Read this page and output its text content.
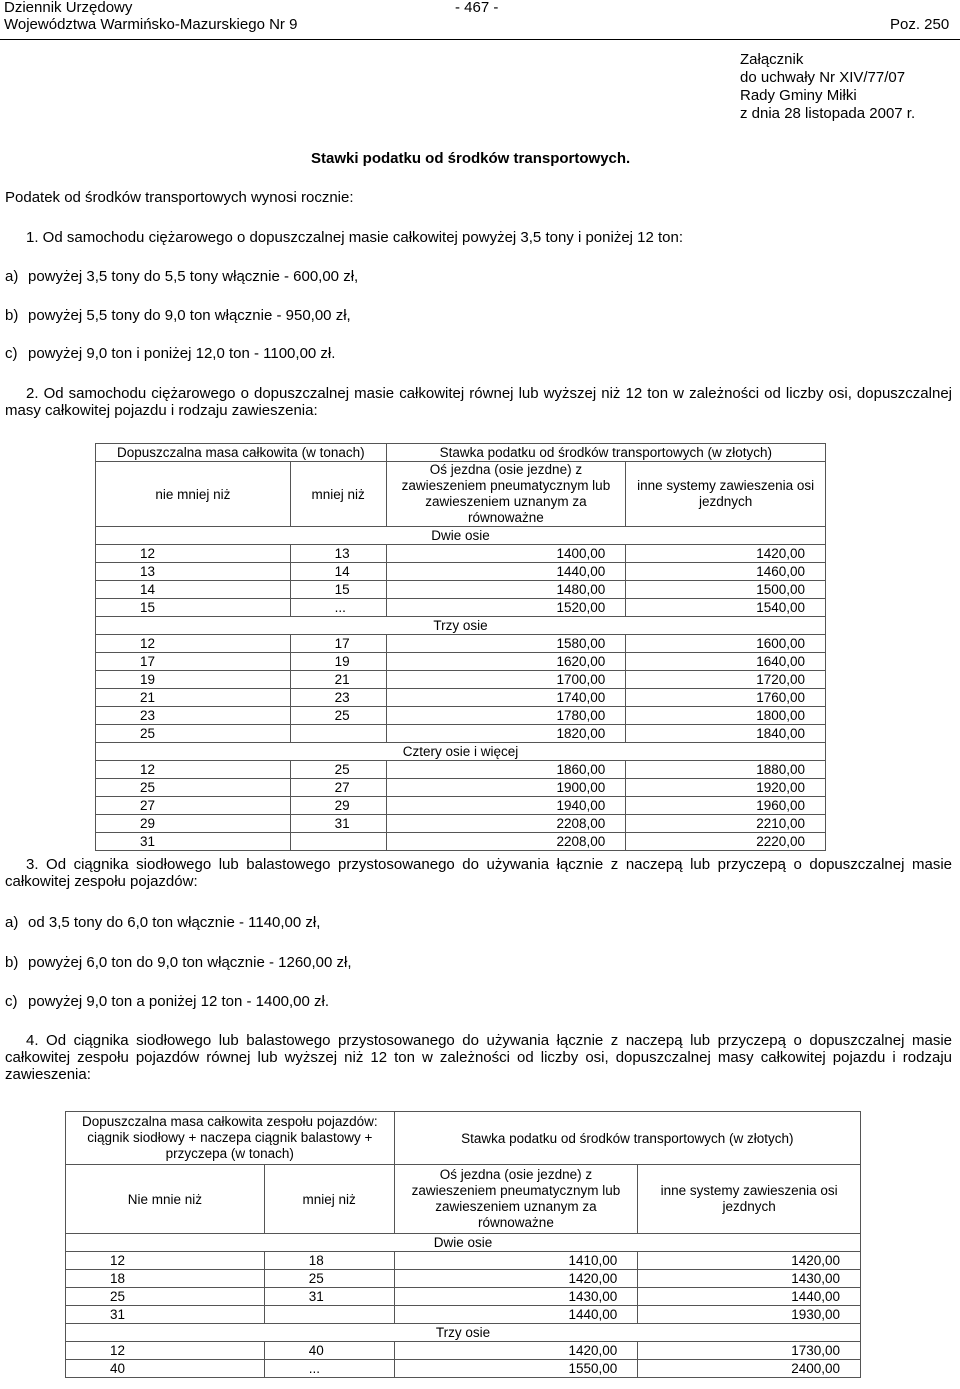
Dziennik Urzędowy
Województwa Warmińsko-Mazurskiego Nr 9
- 467 -
Poz. 250
Załącznik
do uchwały Nr XIV/77/07
Rady Gminy Miłki
z dnia 28 listopada 2007 r.
Stawki podatku od środków transportowych.
Podatek od środków transportowych wynosi rocznie:
1. Od samochodu ciężarowego o dopuszczalnej masie całkowitej powyżej 3,5 tony i poniżej 12 ton:
a) powyżej 3,5 tony do 5,5 tony włącznie - 600,00 zł,
b) powyżej 5,5 tony do 9,0 ton włącznie - 950,00 zł,
c) powyżej 9,0 ton i poniżej 12,0 ton - 1100,00 zł.
2. Od samochodu ciężarowego o dopuszczalnej masie całkowitej równej lub wyższej niż 12 ton w zależności od liczby osi, dopuszczalnej masy całkowitej pojazdu i rodzaju zawieszenia:
Dopuszczalna masa całkowita (w tonach)		Stawka podatku od środków transportowych (w złotych)	
nie mniej niż	mniej niż	Oś jezdna (osie jezdne) z zawieszeniem pneumatycznym lub zawieszeniem uznanym za równoważne	inne systemy zawieszenia osi jezdnych
Dwie osie			
12	13	1400,00	1420,00
13	14	1440,00	1460,00
14	15	1480,00	1500,00
15	...	1520,00	1540,00
Trzy osie			
12	17	1580,00	1600,00
17	19	1620,00	1640,00
19	21	1700,00	1720,00
21	23	1740,00	1760,00
23	25	1780,00	1800,00
25		1820,00	1840,00
Cztery osie i więcej			
12	25	1860,00	1880,00
25	27	1900,00	1920,00
27	29	1940,00	1960,00
29	31	2208,00	2210,00
31		2208,00	2220,00
3. Od ciągnika siodłowego lub balastowego przystosowanego do używania łącznie z naczepą lub przyczepą o dopuszczalnej masie całkowitej zespołu pojazdów:
a) od 3,5 tony do 6,0 ton włącznie - 1140,00 zł,
b) powyżej 6,0 ton do 9,0 ton włącznie - 1260,00 zł,
c) powyżej 9,0 ton a poniżej 12 ton - 1400,00 zł.
4. Od ciągnika siodłowego lub balastowego przystosowanego do używania łącznie z naczepą lub przyczepą o dopuszczalnej masie całkowitej zespołu pojazdów równej lub wyższej niż 12 ton w zależności od liczby osi, dopuszczalnej masy całkowitej pojazdu i rodzaju zawieszenia:
Dopuszczalna masa całkowita zespołu pojazdów: ciągnik siodłowy + naczepa ciągnik balastowy + przyczepa (w tonach)		Stawka podatku od środków transportowych (w złotych)	
Nie mnie niż	mniej niż	Oś jezdna (osie jezdne) z zawieszeniem pneumatycznym lub zawieszeniem uznanym za równoważne	inne systemy zawieszenia osi jezdnych
Dwie osie			
12	18	1410,00	1420,00
18	25	1420,00	1430,00
25	31	1430,00	1440,00
31		1440,00	1930,00
Trzy osie			
12	40	1420,00	1730,00
40	...	1550,00	2400,00
